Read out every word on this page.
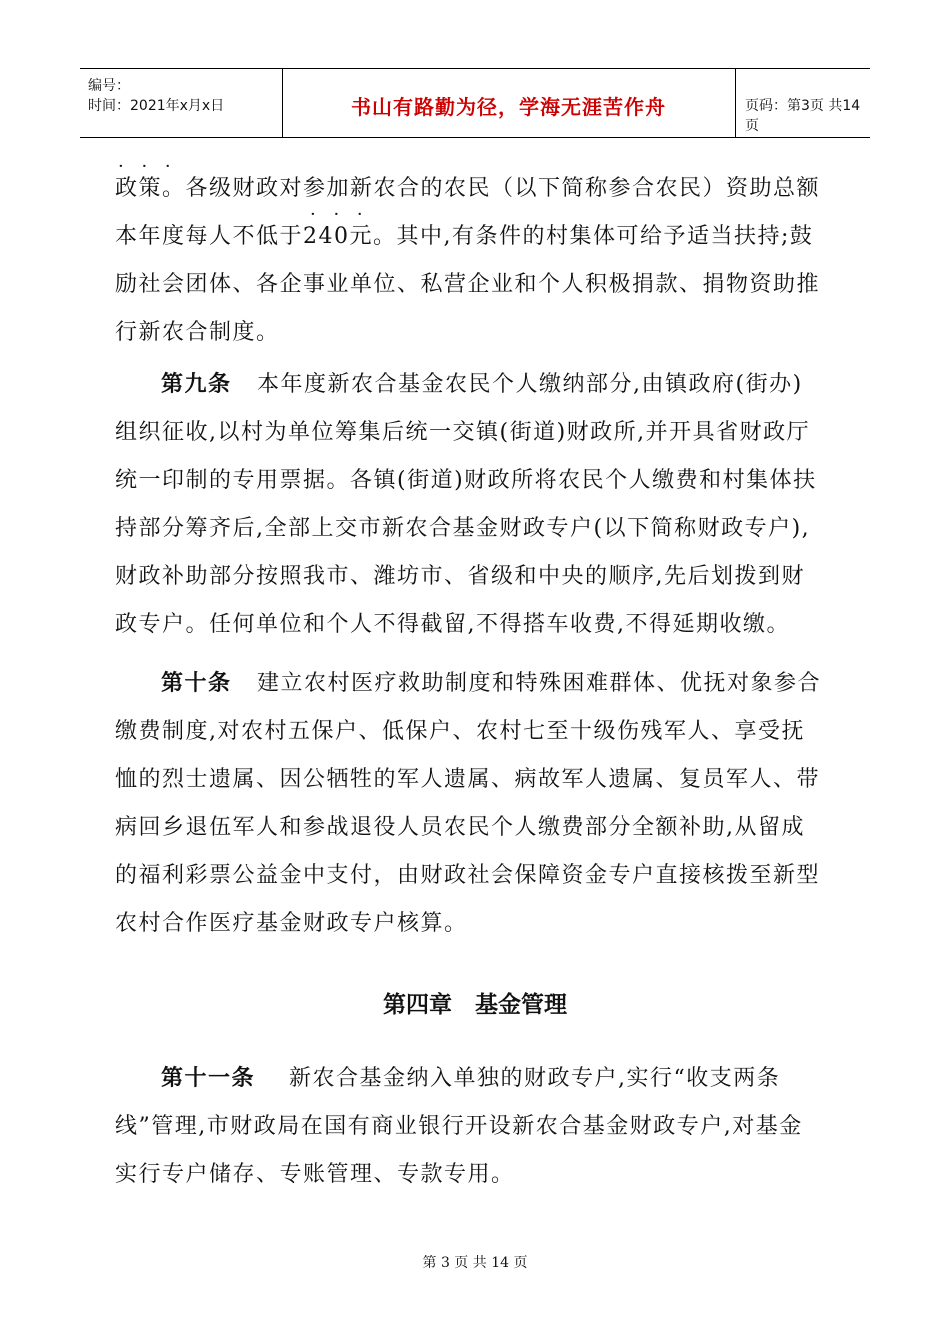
编号：
时间：2021年x月x日	书山有路勤为径，学海无涯苦作舟	页码：第3页 共14页
· · ·
· · ·
政策。各级财政对参加新农合的农民（以下简称参合农民）资助总额
本年度每人不低于240元。其中,有条件的村集体可给予适当扶持;鼓
励社会团体、各企事业单位、私营企业和个人积极捐款、捐物资助推
行新农合制度。
第九条 本年度新农合基金农民个人缴纳部分,由镇政府(街办)
组织征收,以村为单位筹集后统一交镇(街道)财政所,并开具省财政厅
统一印制的专用票据。各镇(街道)财政所将农民个人缴费和村集体扶
持部分筹齐后,全部上交市新农合基金财政专户(以下简称财政专户),
财政补助部分按照我市、潍坊市、省级和中央的顺序,先后划拨到财
政专户。任何单位和个人不得截留,不得搭车收费,不得延期收缴。
第十条 建立农村医疗救助制度和特殊困难群体、优抚对象参合
缴费制度,对农村五保户、低保户、农村七至十级伤残军人、享受抚
恤的烈士遗属、因公牺牲的军人遗属、病故军人遗属、复员军人、带
病回乡退伍军人和参战退役人员农民个人缴费部分全额补助,从留成
的福利彩票公益金中支付，由财政社会保障资金专户直接核拨至新型
农村合作医疗基金财政专户核算。
第四章　基金管理
第十一条 新农合基金纳入单独的财政专户,实行“收支两条
线”管理,市财政局在国有商业银行开设新农合基金财政专户,对基金
实行专户储存、专账管理、专款专用。
第 3 页 共 14 页
